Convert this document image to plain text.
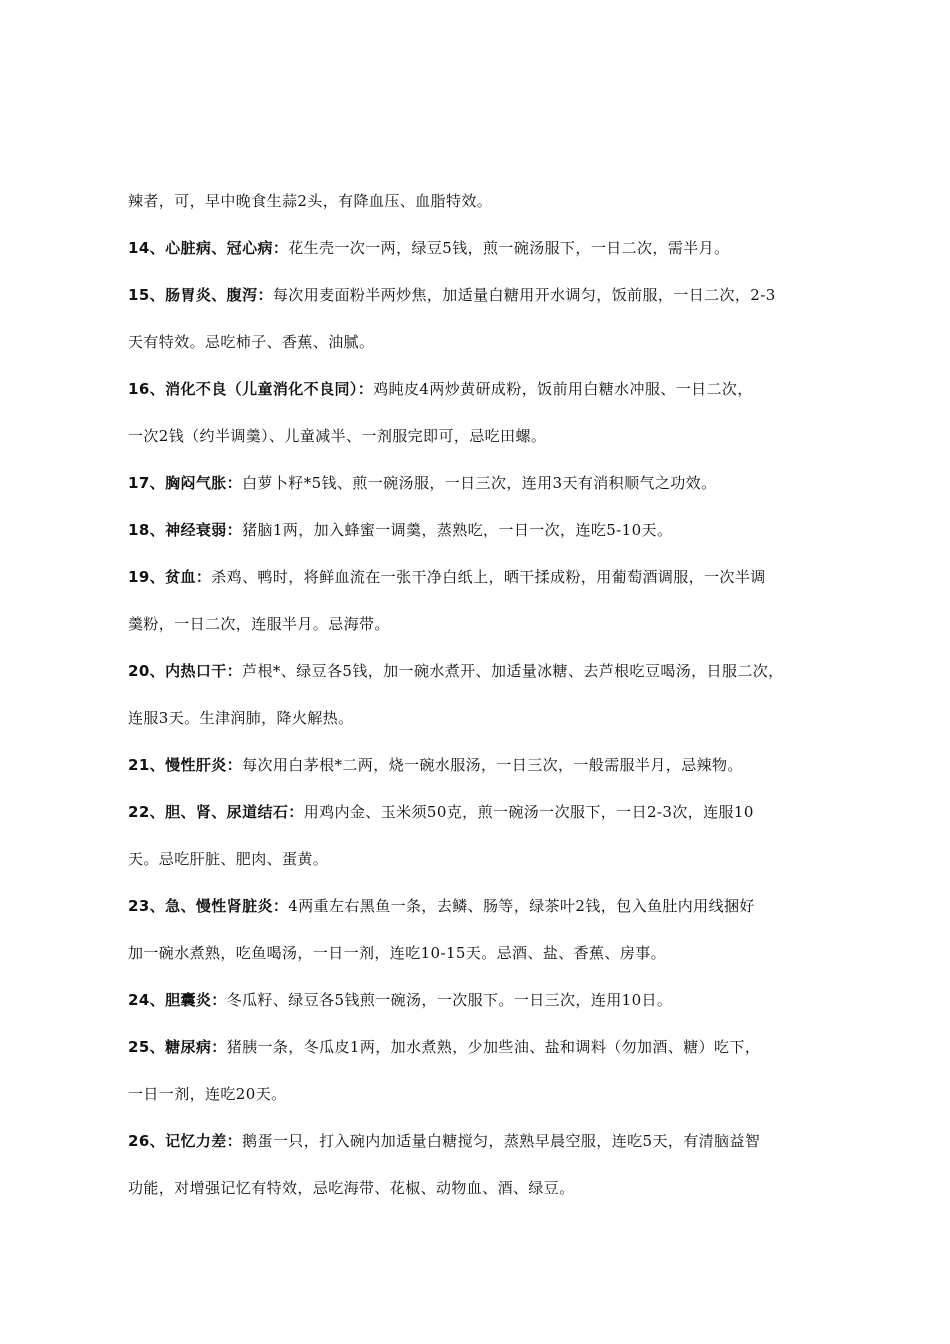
辣者，可，早中晚食生蒜2头，有降血压、血脂特效。
14、心脏病、冠心病：花生壳一次一两，绿豆5钱，煎一碗汤服下，一日二次，需半月。
15、肠胃炎、腹泻：每次用麦面粉半两炒焦，加适量白糖用开水调匀，饭前服，一日二次，2-3
天有特效。忌吃柿子、香蕉、油腻。
16、消化不良（儿童消化不良同）：鸡盹皮4两炒黄研成粉，饭前用白糖水冲服、一日二次，
一次2钱（约半调羹）、儿童减半、一剂服完即可，忌吃田螺。
17、胸闷气胀：白萝卜籽*5钱、煎一碗汤服，一日三次，连用3天有消积顺气之功效。
18、神经衰弱：猪脑1两，加入蜂蜜一调羹，蒸熟吃，一日一次，连吃5-10天。
19、贫血：杀鸡、鸭时，将鲜血流在一张干净白纸上，晒干揉成粉，用葡萄酒调服，一次半调
羹粉，一日二次，连服半月。忌海带。
20、内热口干：芦根*、绿豆各5钱，加一碗水煮开、加适量冰糖、去芦根吃豆喝汤，日服二次，
连服3天。生津润肺，降火解热。
21、慢性肝炎：每次用白茅根*二两，烧一碗水服汤，一日三次，一般需服半月，忌辣物。
22、胆、肾、尿道结石：用鸡内金、玉米须50克，煎一碗汤一次服下，一日2-3次，连服10
天。忌吃肝脏、肥肉、蛋黄。
23、急、慢性肾脏炎：4两重左右黑鱼一条，去鳞、肠等，绿茶叶2钱，包入鱼肚内用线捆好
加一碗水煮熟，吃鱼喝汤，一日一剂，连吃10-15天。忌酒、盐、香蕉、房事。
24、胆囊炎：冬瓜籽、绿豆各5钱煎一碗汤，一次服下。一日三次，连用10日。
25、糖尿病：猪胰一条，冬瓜皮1两，加水煮熟，少加些油、盐和调料（勿加酒、糖）吃下，
一日一剂，连吃20天。
26、记忆力差：鹅蛋一只，打入碗内加适量白糖搅匀，蒸熟早晨空服，连吃5天，有清脑益智
功能，对增强记忆有特效，忌吃海带、花椒、动物血、酒、绿豆。
